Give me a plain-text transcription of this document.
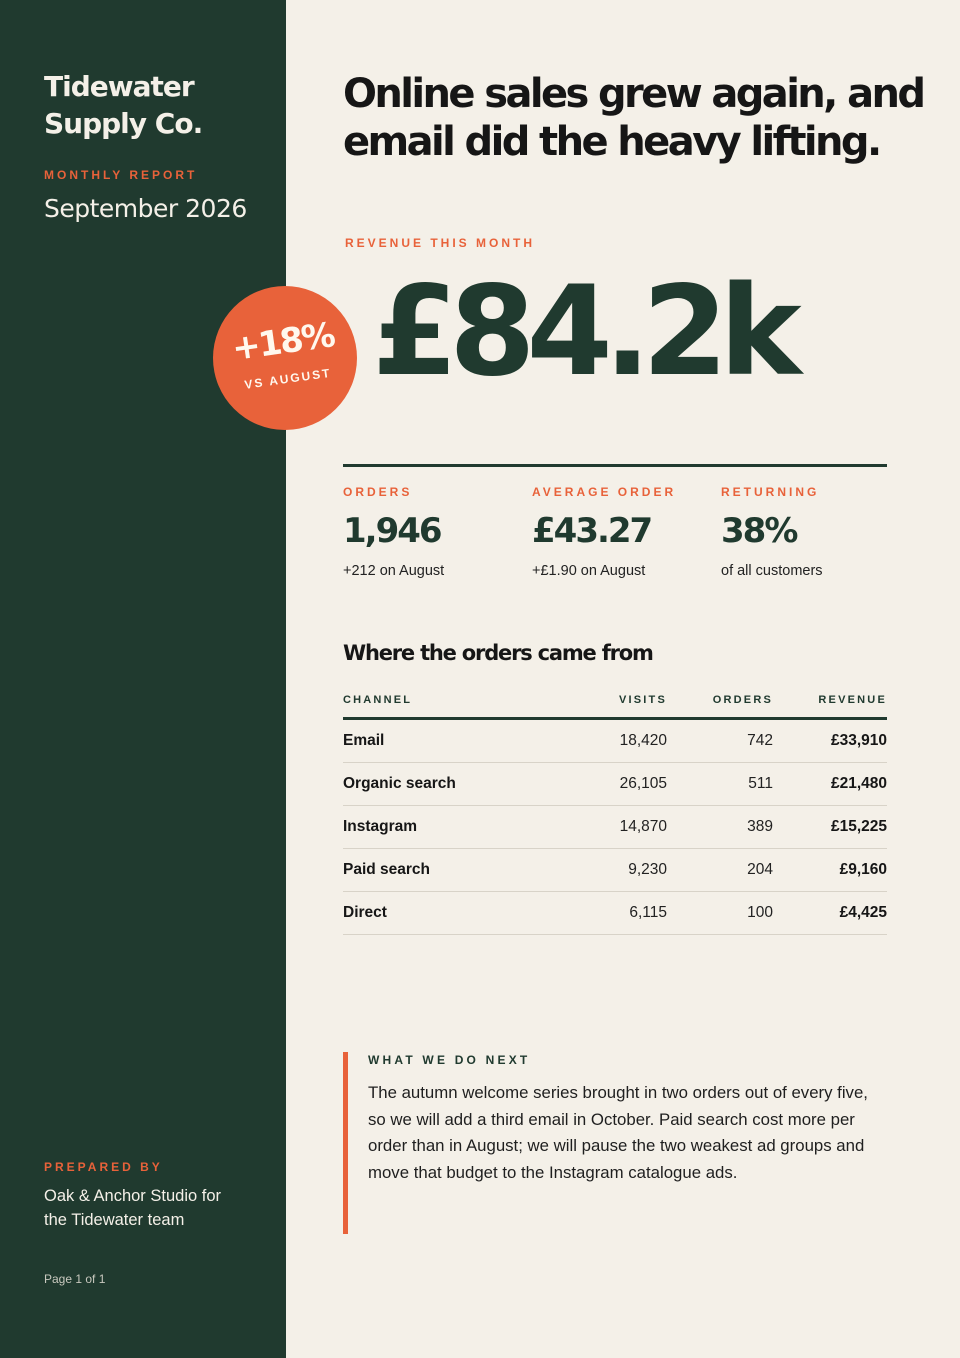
Tidewater
Supply Co.
MONTHLY REPORT
September 2026
PREPARED BY
Oak & Anchor Studio for
the Tidewater team
Page 1 of 1
Online sales grew again, and
email did the heavy lifting.
REVENUE THIS MONTH
£84.2k
+18%
VS AUGUST
ORDERS
1,946
+212 on August
AVERAGE ORDER
£43.27
+£1.90 on August
RETURNING
38%
of all customers
Where the orders came from
CHANNEL	VISITS	ORDERS	REVENUE
Email	18,420	742	£33,910
Organic search	26,105	511	£21,480
Instagram	14,870	389	£15,225
Paid search	9,230	204	£9,160
Direct	6,115	100	£4,425
WHAT WE DO NEXT
The autumn welcome series brought in two orders out of every five,
so we will add a third email in October. Paid search cost more per
order than in August; we will pause the two weakest ad groups and
move that budget to the Instagram catalogue ads.
